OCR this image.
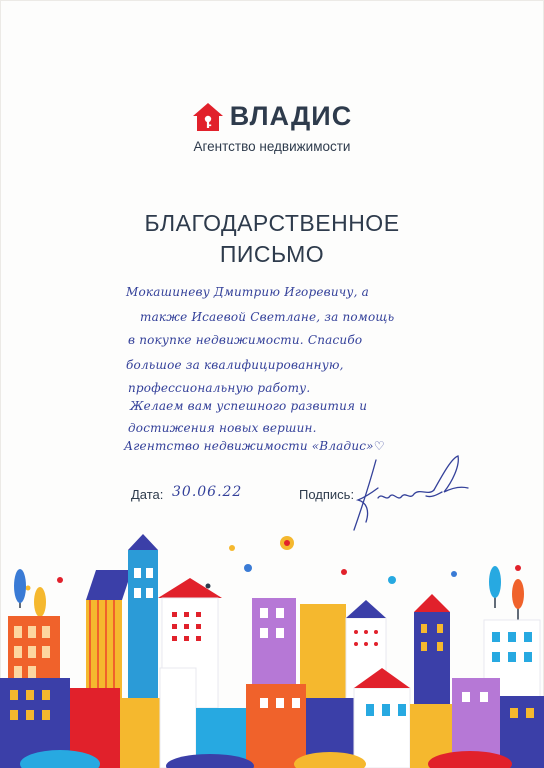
ВЛАДИС
Агентство недвижимости
БЛАГОДАРСТВЕННОЕ
ПИСЬМО
Мокашиневу Дмитрию Игоревичу, а
также Исаевой Светлане, за помощь
в покупке недвижимости. Спасибо
большое за квалифицированную,
профессиональную работу.
Желаем вам успешного развития и
достижения новых вершин.
Агентство недвижимости «Владис»♡
Дата: 30.06.22	Подпись:
